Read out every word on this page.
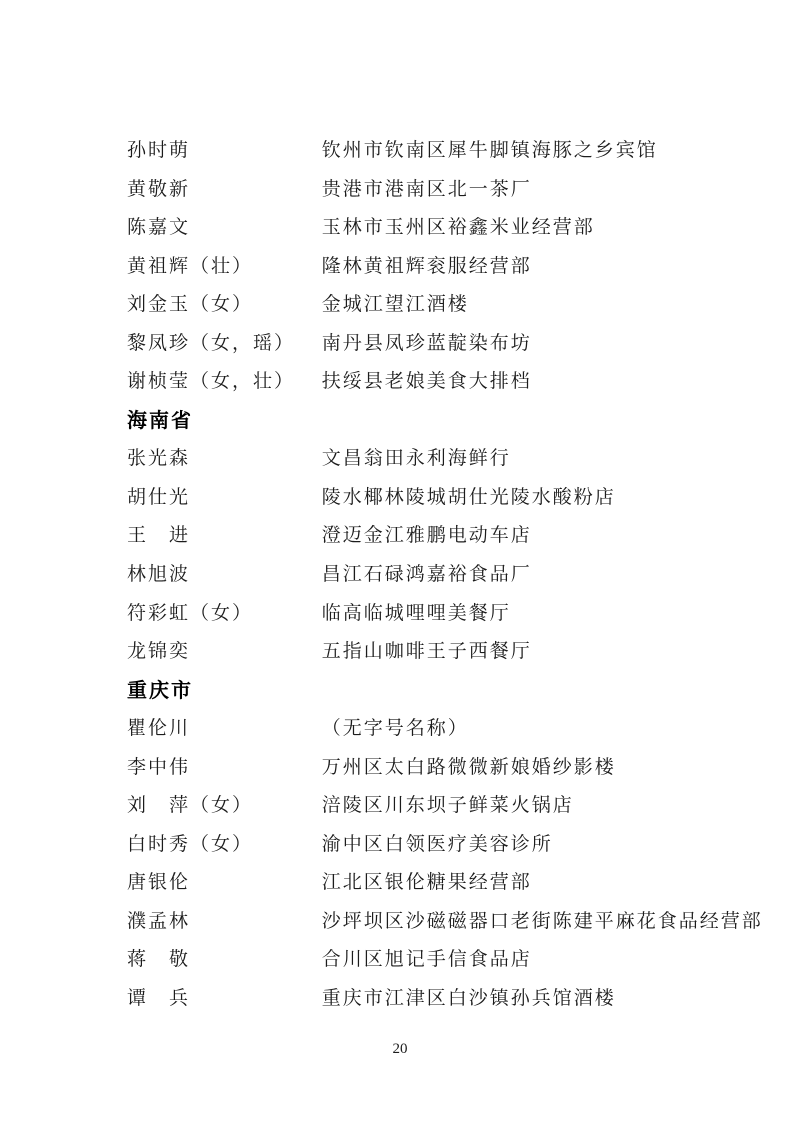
孙时萌	钦州市钦南区犀牛脚镇海豚之乡宾馆
黄敬新	贵港市港南区北一茶厂
陈嘉文	玉林市玉州区裕鑫米业经营部
黄祖辉（壮）	隆林黄祖辉衮服经营部
刘金玉（女）	金城江望江酒楼
黎凤珍（女，瑶） 南丹县凤珍蓝靛染布坊
谢桢莹（女，壮） 扶绥县老娘美食大排档
海南省
张光森	文昌翁田永利海鲜行
胡仕光	陵水椰林陵城胡仕光陵水酸粉店
王　进	澄迈金江雅鹏电动车店
林旭波	昌江石碌鸿嘉裕食品厂
符彩虹（女）	临高临城哩哩美餐厅
龙锦奕	五指山咖啡王子西餐厅
重庆市
瞿伦川	（无字号名称）
李中伟	万州区太白路微微新娘婚纱影楼
刘　萍（女）	涪陵区川东坝子鲜菜火锅店
白时秀（女）	渝中区白领医疗美容诊所
唐银伦	江北区银伦糖果经营部
濮孟林	沙坪坝区沙磁磁器口老街陈建平麻花食品经营部
蒋　敬	合川区旭记手信食品店
谭　兵	重庆市江津区白沙镇孙兵馆酒楼
20
